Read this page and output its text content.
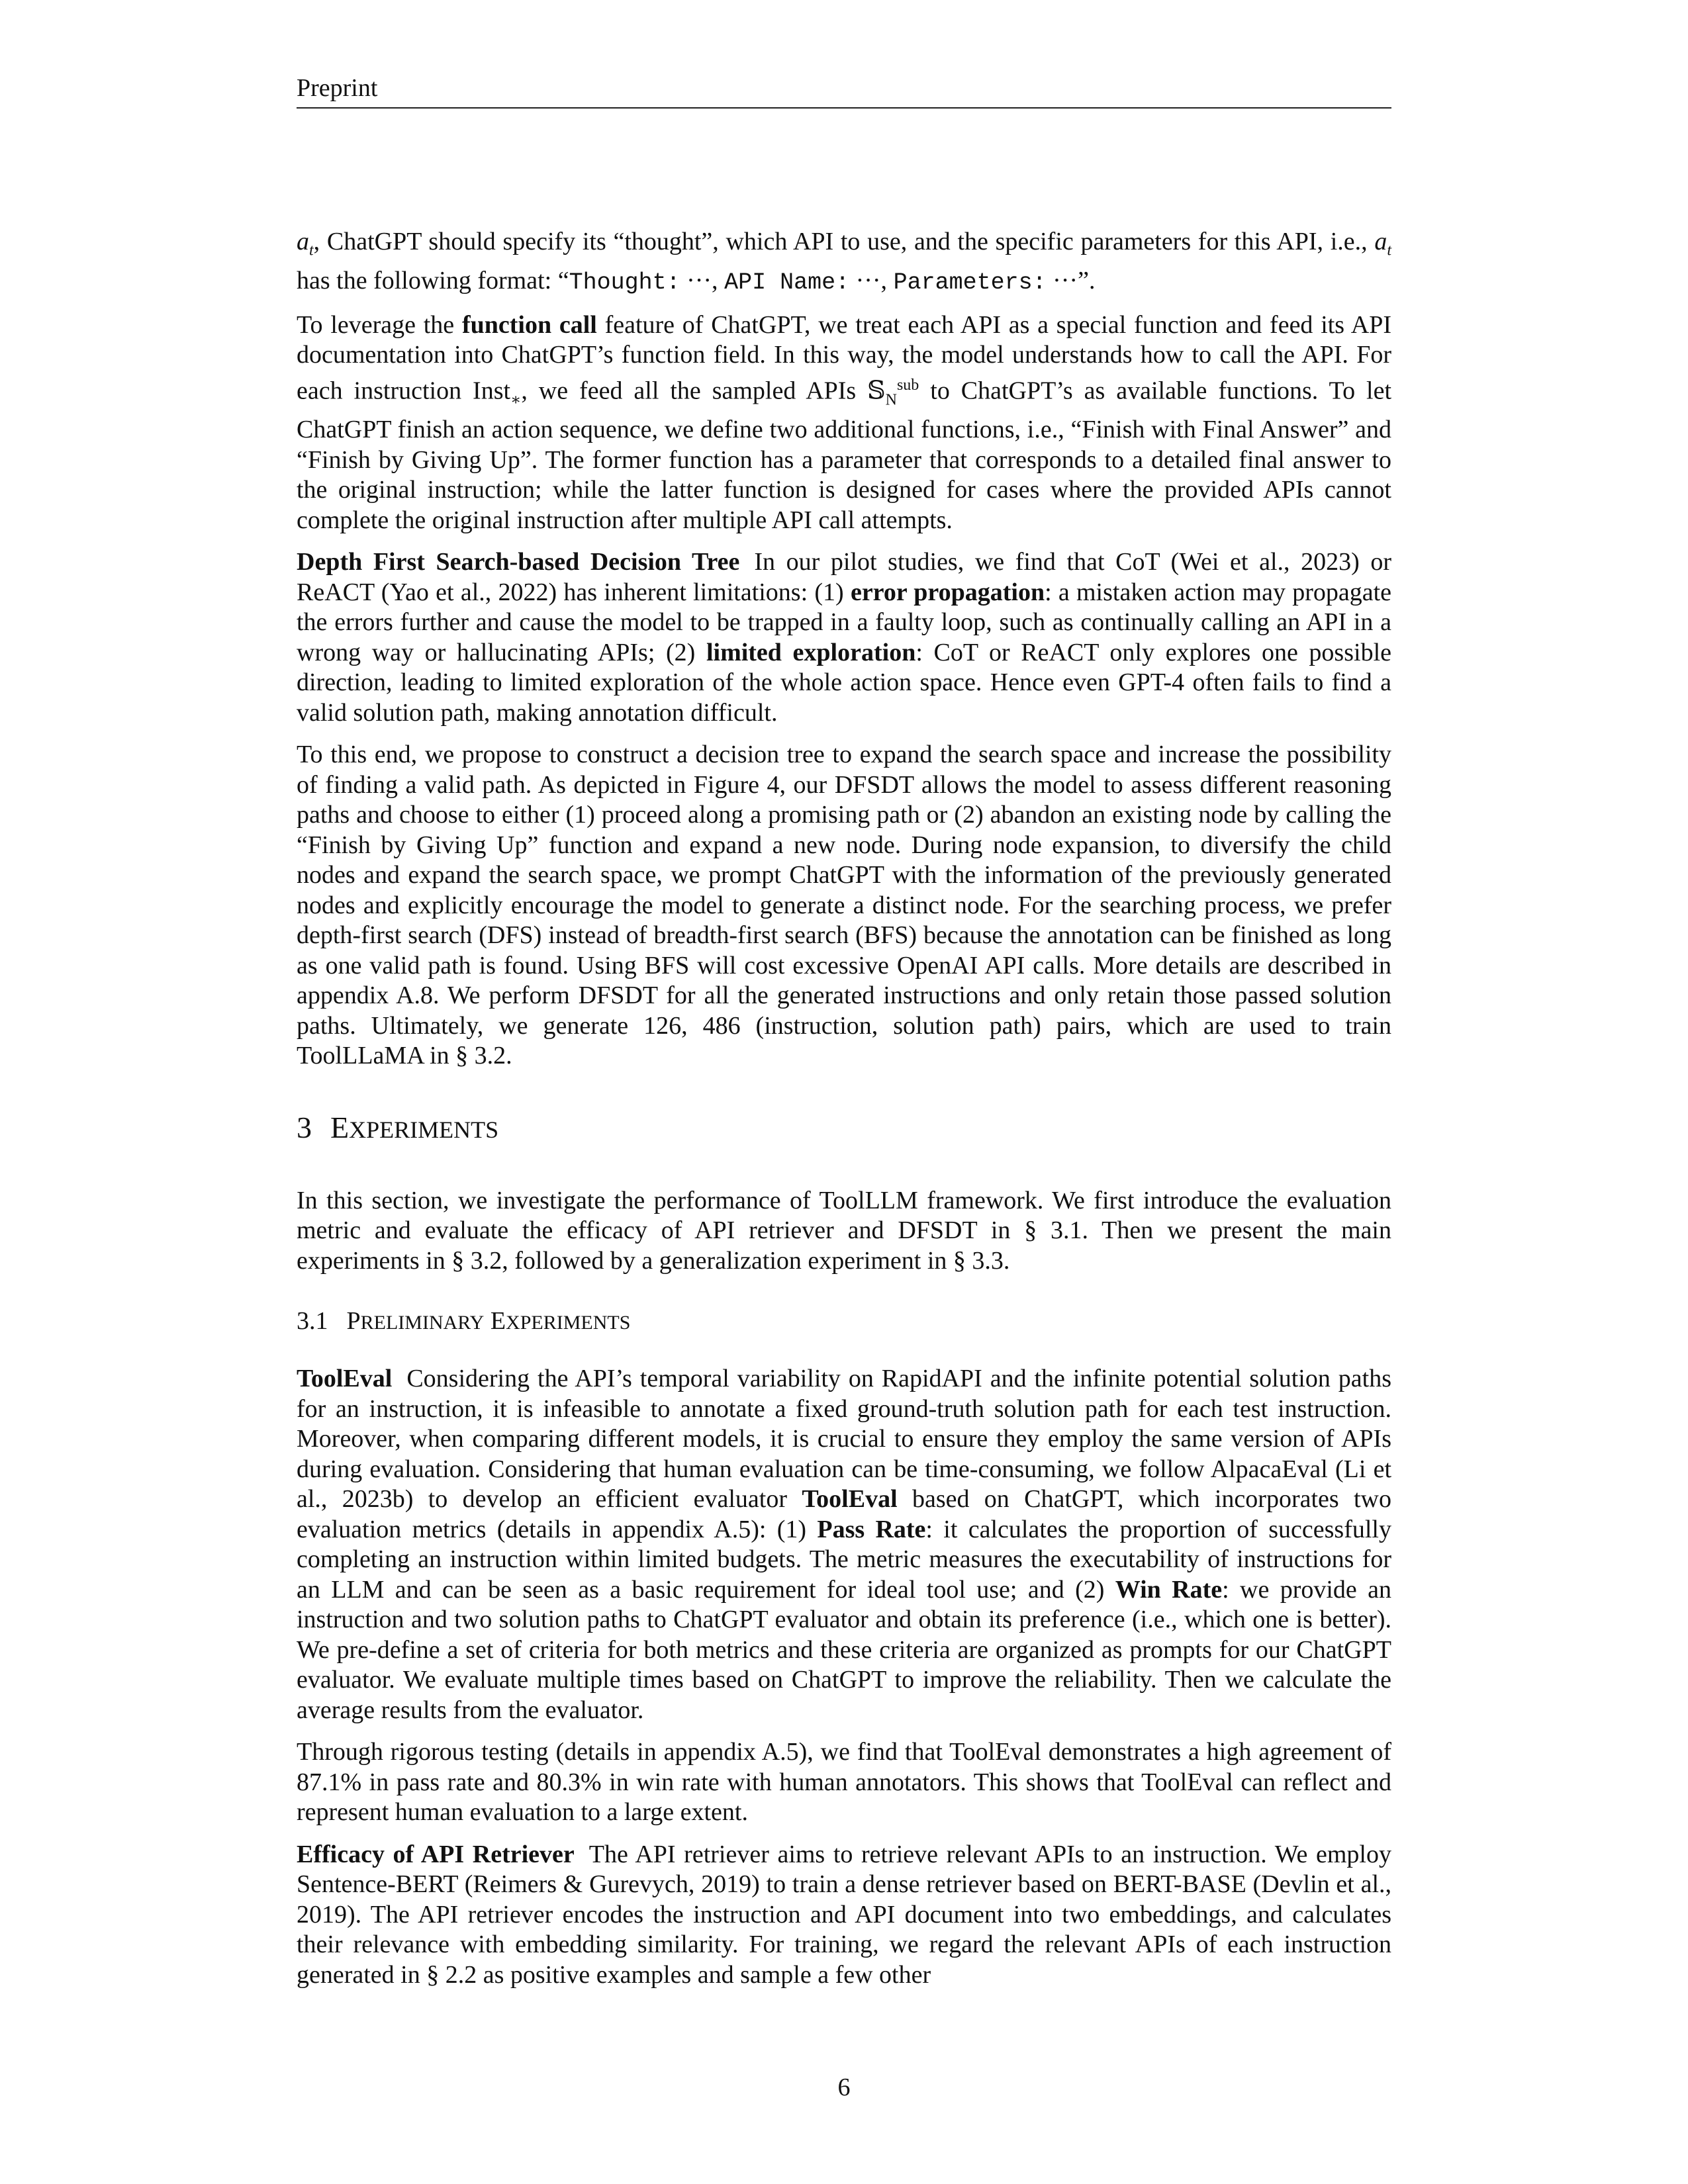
Preprint

$a_t$, ChatGPT should specify its “thought”, which API to use, and the specific parameters for this API, i.e., $a_t$ has the following format: “Thought: ···, API Name: ···, Parameters: ···”.

To leverage the function call feature of ChatGPT, we treat each API as a special function and feed its API documentation into ChatGPT’s function field. In this way, the model understands how to call the API. For each instruction Inst$_∗$, we feed all the sampled APIs 𝕊$_N^{sub}$ to ChatGPT’s as available functions. To let ChatGPT finish an action sequence, we define two additional functions, i.e., “Finish with Final Answer” and “Finish by Giving Up”. The former function has a parameter that corresponds to a detailed final answer to the original instruction; while the latter function is designed for cases where the provided APIs cannot complete the original instruction after multiple API call attempts.

Depth First Search-based Decision Tree In our pilot studies, we find that CoT (Wei et al., 2023) or ReACT (Yao et al., 2022) has inherent limitations: (1) error propagation: a mistaken action may propagate the errors further and cause the model to be trapped in a faulty loop, such as continually calling an API in a wrong way or hallucinating APIs; (2) limited exploration: CoT or ReACT only explores one possible direction, leading to limited exploration of the whole action space. Hence even GPT-4 often fails to find a valid solution path, making annotation difficult.

To this end, we propose to construct a decision tree to expand the search space and increase the possibility of finding a valid path. As depicted in Figure 4, our DFSDT allows the model to assess different reasoning paths and choose to either (1) proceed along a promising path or (2) abandon an existing node by calling the “Finish by Giving Up” function and expand a new node. During node expansion, to diversify the child nodes and expand the search space, we prompt ChatGPT with the information of the previously generated nodes and explicitly encourage the model to generate a distinct node. For the searching process, we prefer depth-first search (DFS) instead of breadth-first search (BFS) because the annotation can be finished as long as one valid path is found. Using BFS will cost excessive OpenAI API calls. More details are described in appendix A.8. We perform DFSDT for all the generated instructions and only retain those passed solution paths. Ultimately, we generate 126, 486 (instruction, solution path) pairs, which are used to train ToolLLaMA in § 3.2.

3 EXPERIMENTS

In this section, we investigate the performance of ToolLLM framework. We first introduce the evaluation metric and evaluate the efficacy of API retriever and DFSDT in § 3.1. Then we present the main experiments in § 3.2, followed by a generalization experiment in § 3.3.

3.1 PRELIMINARY EXPERIMENTS

ToolEval Considering the API’s temporal variability on RapidAPI and the infinite potential solution paths for an instruction, it is infeasible to annotate a fixed ground-truth solution path for each test instruction. Moreover, when comparing different models, it is crucial to ensure they employ the same version of APIs during evaluation. Considering that human evaluation can be time-consuming, we follow AlpacaEval (Li et al., 2023b) to develop an efficient evaluator ToolEval based on ChatGPT, which incorporates two evaluation metrics (details in appendix A.5): (1) Pass Rate: it calculates the proportion of successfully completing an instruction within limited budgets. The metric measures the executability of instructions for an LLM and can be seen as a basic requirement for ideal tool use; and (2) Win Rate: we provide an instruction and two solution paths to ChatGPT evaluator and obtain its preference (i.e., which one is better). We pre-define a set of criteria for both metrics and these criteria are organized as prompts for our ChatGPT evaluator. We evaluate multiple times based on ChatGPT to improve the reliability. Then we calculate the average results from the evaluator.

Through rigorous testing (details in appendix A.5), we find that ToolEval demonstrates a high agreement of 87.1% in pass rate and 80.3% in win rate with human annotators. This shows that ToolEval can reflect and represent human evaluation to a large extent.

Efficacy of API Retriever The API retriever aims to retrieve relevant APIs to an instruction. We employ Sentence-BERT (Reimers & Gurevych, 2019) to train a dense retriever based on BERT-BASE (Devlin et al., 2019). The API retriever encodes the instruction and API document into two embeddings, and calculates their relevance with embedding similarity. For training, we regard the relevant APIs of each instruction generated in § 2.2 as positive examples and sample a few other

6
